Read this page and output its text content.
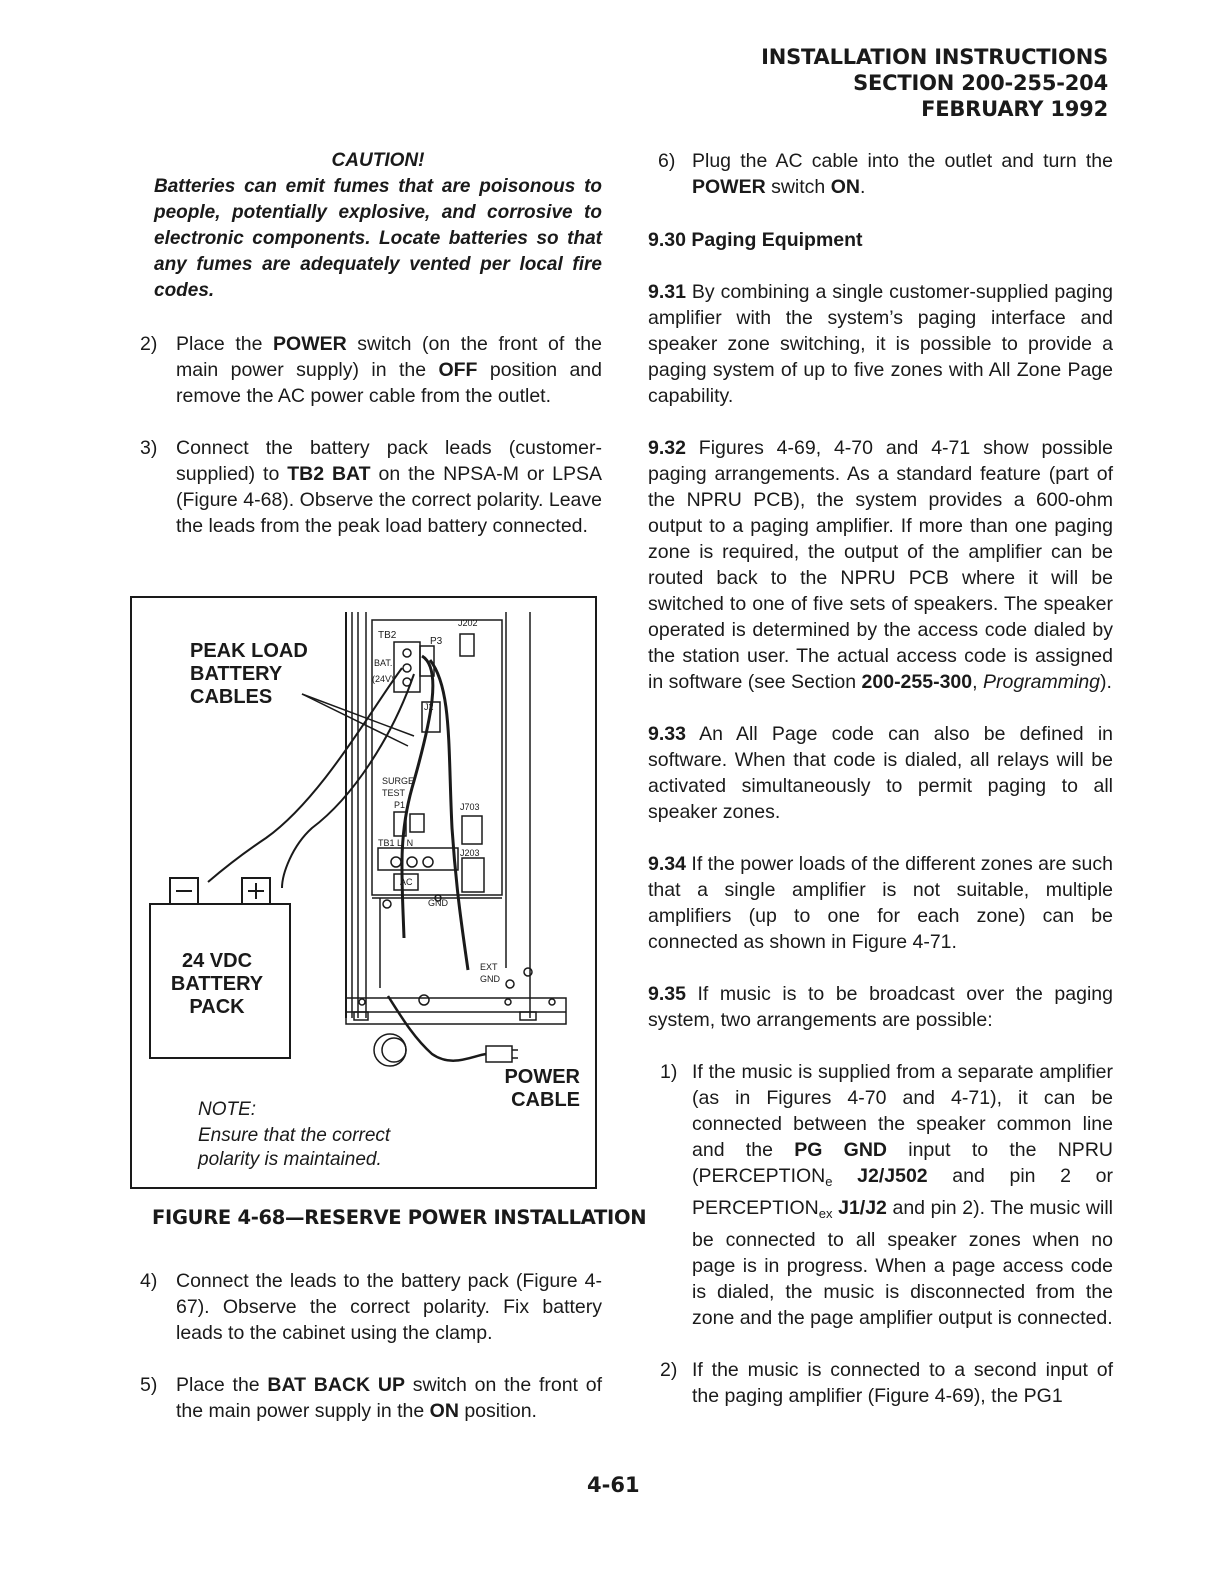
INSTALLATION INSTRUCTIONS
SECTION 200-255-204
FEBRUARY 1992

CAUTION!

Batteries can emit fumes that are poisonous to people, potentially explosive, and corrosive to electronic components. Locate batteries so that any fumes are adequately vented per local fire codes.

2) Place the POWER switch (on the front of the main power supply) in the OFF position and remove the AC power cable from the outlet.

3) Connect the battery pack leads (customer-supplied) to TB2 BAT on the NPSA-M or LPSA (Figure 4-68). Observe the correct polarity. Leave the leads from the peak load battery connected.

TB2
P3
J202
BAT.
(24V)
J2
SURGE
TEST
P1	J703
TB1 L  N
J203
AC
GND
EXT
GND
PEAK LOAD
BATTERY
CABLES
24 VDC
BATTERY
PACK
POWER
CABLE
NOTE:
Ensure that the correct
polarity is maintained.
FIGURE 4-68—RESERVE POWER INSTALLATION

4) Connect the leads to the battery pack (Figure 4-67). Observe the correct polarity. Fix battery leads to the cabinet using the clamp.

5) Place the BAT BACK UP switch on the front of the main power supply in the ON position.

6) Plug the AC cable into the outlet and turn the POWER switch ON.

9.30 Paging Equipment

9.31 By combining a single customer-supplied paging amplifier with the system’s paging interface and speaker zone switching, it is possible to provide a paging system of up to five zones with All Zone Page capability.

9.32 Figures 4-69, 4-70 and 4-71 show possible paging arrangements. As a standard feature (part of the NPRU PCB), the system provides a 600-ohm output to a paging amplifier. If more than one paging zone is required, the output of the amplifier can be routed back to the NPRU PCB where it will be switched to one of five sets of speakers. The speaker operated is determined by the access code dialed by the station user. The actual access code is assigned in software (see Section 200-255-300, Programming).

9.33 An All Page code can also be defined in software. When that code is dialed, all relays will be activated simultaneously to permit paging to all speaker zones.

9.34 If the power loads of the different zones are such that a single amplifier is not suitable, multiple amplifiers (up to one for each zone) can be connected as shown in Figure 4-71.

9.35 If music is to be broadcast over the paging system, two arrangements are possible:

1) If the music is supplied from a separate amplifier (as in Figures 4-70 and 4-71), it can be connected between the speaker common line and the PG GND input to the NPRU ($PERCEPTION_e$ J2/J502 and pin 2 or $PERCEPTION_{ex}$ J1/J2 and pin 2). The music will be connected to all speaker zones when no page is in progress. When a page access code is dialed, the music is disconnected from the zone and the page amplifier output is connected.

2) If the music is connected to a second input of the paging amplifier (Figure 4-69), the PG1

4-61
